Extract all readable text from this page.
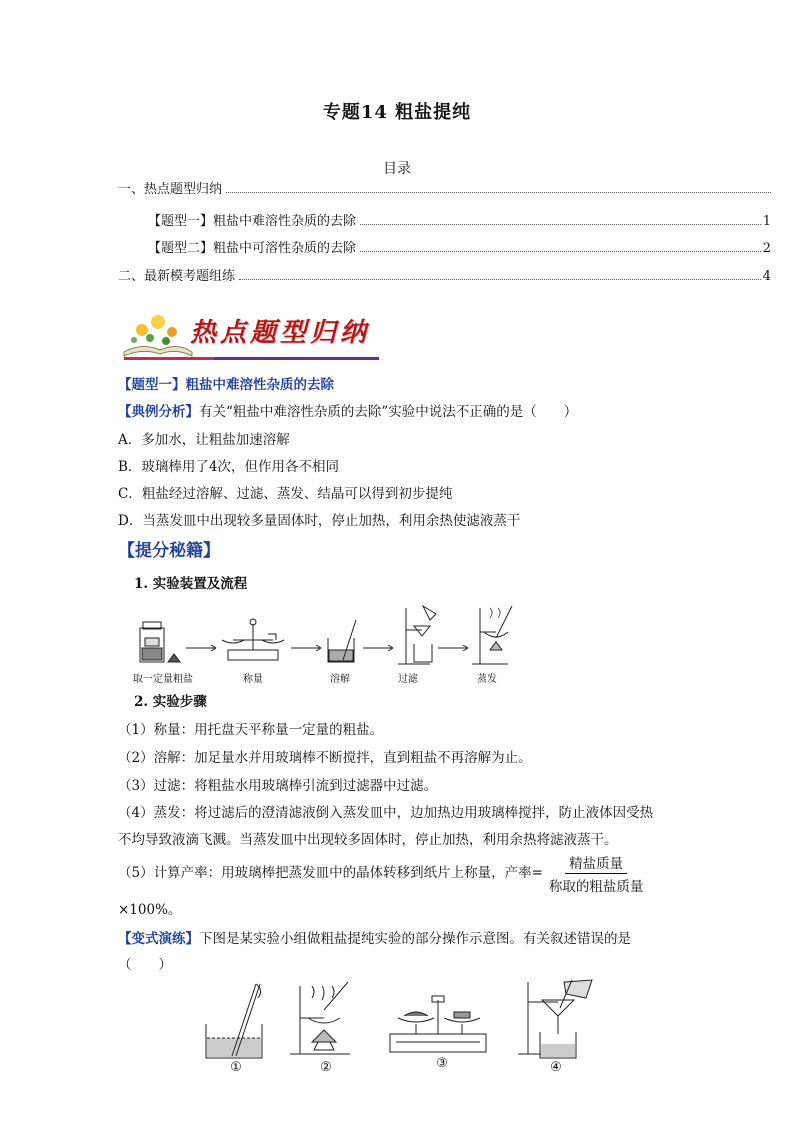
专题14 粗盐提纯
目录
一、热点题型归纳
【题型一】粗盐中难溶性杂质的去除	1
【题型二】粗盐中可溶性杂质的去除	2
二、最新模考题组练	4
热点题型归纳
【题型一】粗盐中难溶性杂质的去除
【典例分析】有关“粗盐中难溶性杂质的去除”实验中说法不正确的是（　　）
A．多加水，让粗盐加速溶解
B．玻璃棒用了4次，但作用各不相同
C．粗盐经过溶解、过滤、蒸发、结晶可以得到初步提纯
D．当蒸发皿中出现较多量固体时，停止加热，利用余热使滤液蒸干
【提分秘籍】
1. 实验装置及流程
取一定量粗盐	称量	溶解	过滤	蒸发
2. 实验步骤
（1）称量：用托盘天平称量一定量的粗盐。
（2）溶解：加足量水并用玻璃棒不断搅拌，直到粗盐不再溶解为止。
（3）过滤：将粗盐水用玻璃棒引流到过滤器中过滤。
（4）蒸发：将过滤后的澄清滤液倒入蒸发皿中，边加热边用玻璃棒搅拌，防止液体因受热
不均导致液滴飞溅。当蒸发皿中出现较多固体时，停止加热，利用余热将滤液蒸干。
（5）计算产率：用玻璃棒把蒸发皿中的晶体转移到纸片上称量，产率= $\frac{\text{精盐质量}}{\text{称取的粗盐质量}}$
×100%。
【变式演练】下图是某实验小组做粗盐提纯实验的部分操作示意图。有关叙述错误的是
（　　）
①	②	③	④
